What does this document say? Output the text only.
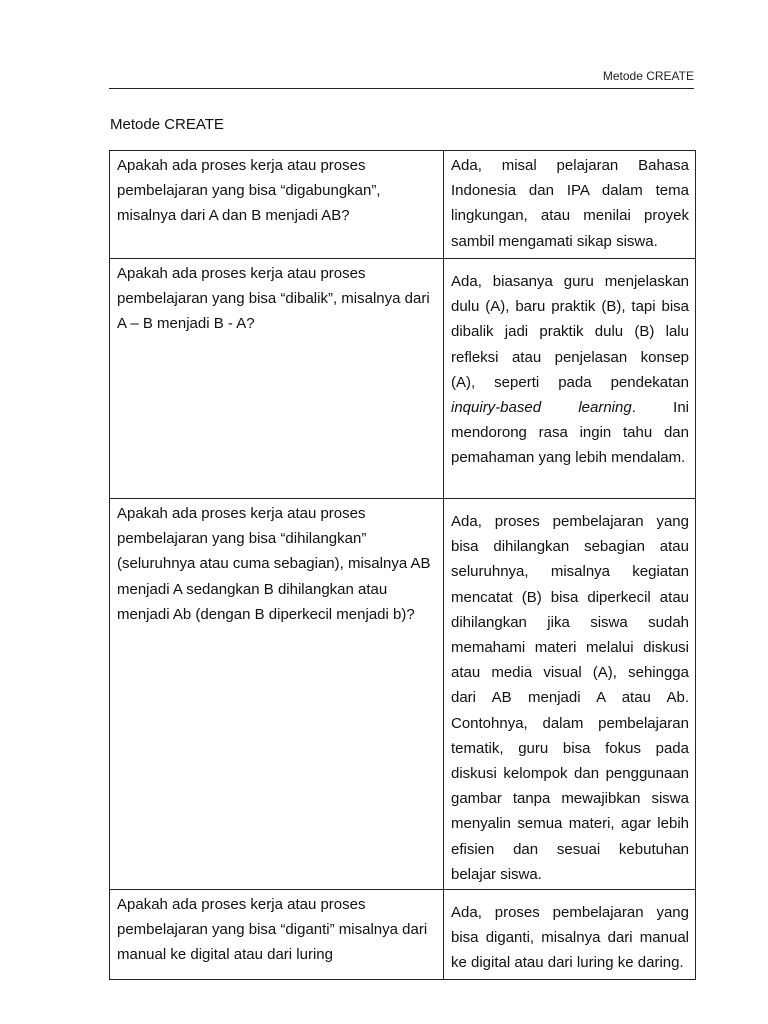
Metode CREATE
Metode CREATE
Apakah ada proses kerja atau proses pembelajaran yang bisa “digabungkan”, misalnya dari A dan B menjadi AB?	Ada, misal pelajaran Bahasa Indonesia dan IPA dalam tema lingkungan, atau menilai proyek sambil mengamati sikap siswa.
Apakah ada proses kerja atau proses pembelajaran yang bisa “dibalik”, misalnya dari A – B menjadi B - A?	Ada, biasanya guru menjelaskan dulu (A), baru praktik (B), tapi bisa dibalik jadi praktik dulu (B) lalu refleksi atau penjelasan konsep (A), seperti pada pendekatan inquiry-based learning. Ini mendorong rasa ingin tahu dan pemahaman yang lebih mendalam.
Apakah ada proses kerja atau proses pembelajaran yang bisa “dihilangkan” (seluruhnya atau cuma sebagian), misalnya AB menjadi A sedangkan B dihilangkan atau menjadi Ab (dengan B diperkecil menjadi b)?	Ada, proses pembelajaran yang bisa dihilangkan sebagian atau seluruhnya, misalnya kegiatan mencatat (B) bisa diperkecil atau dihilangkan jika siswa sudah memahami materi melalui diskusi atau media visual (A), sehingga dari AB menjadi A atau Ab. Contohnya, dalam pembelajaran tematik, guru bisa fokus pada diskusi kelompok dan penggunaan gambar tanpa mewajibkan siswa menyalin semua materi, agar lebih efisien dan sesuai kebutuhan belajar siswa.
Apakah ada proses kerja atau proses pembelajaran yang bisa “diganti” misalnya dari manual ke digital atau dari luring	Ada, proses pembelajaran yang bisa diganti, misalnya dari manual ke digital atau dari luring ke daring.
